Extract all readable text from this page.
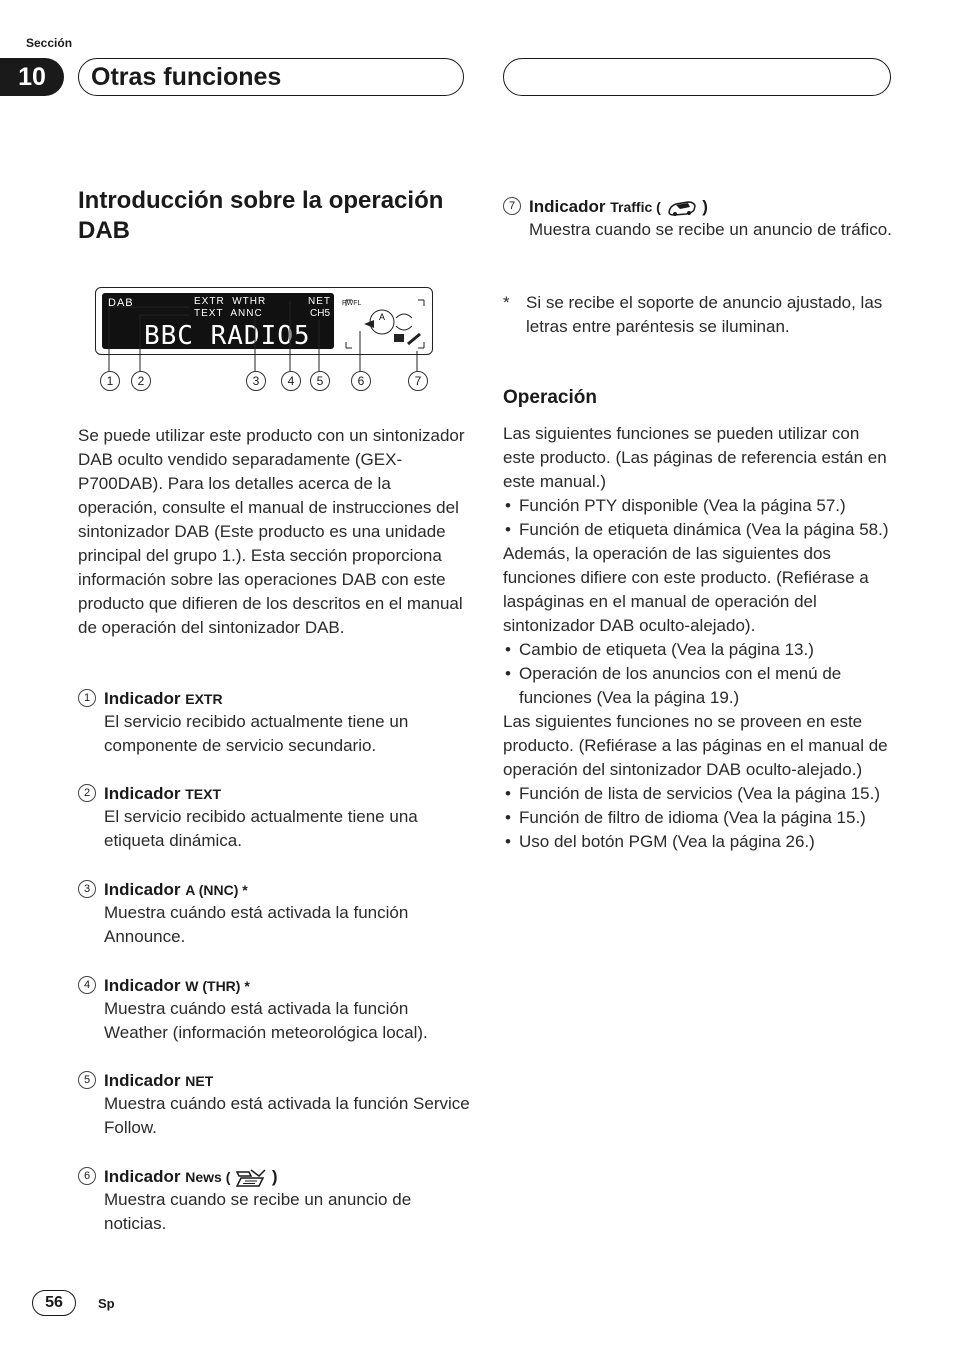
Sección
10	Otras funciones
Introducción sobre la operación DAB
DAB	EXTR  WTHR
TEXT  ANNC
NET
CH5
BBC RADIO5
PWFL
A
1	2	3	4	5	6	7
Se puede utilizar este producto con un sintonizador DAB oculto vendido separadamente (GEX-P700DAB). Para los detalles acerca de la operación, consulte el manual de instrucciones del sintonizador DAB (Este producto es una unidade principal del grupo 1.). Esta sección proporciona información sobre las operaciones DAB con este producto que difieren de los descritos en el manual de operación del sintonizador DAB.
1 Indicador EXTR
El servicio recibido actualmente tiene un componente de servicio secundario.
2 Indicador TEXT
El servicio recibido actualmente tiene una etiqueta dinámica.
3 Indicador A (NNC) *
Muestra cuándo está activada la función Announce.
4 Indicador W (THR) *
Muestra cuándo está activada la función Weather (información meteorológica local).
5 Indicador NET
Muestra cuándo está activada la función Service Follow.
6 Indicador News ( )
Muestra cuando se recibe un anuncio de noticias.
7 Indicador Traffic ( )
Muestra cuando se recibe un anuncio de tráfico.
* Si se recibe el soporte de anuncio ajustado, las letras entre paréntesis se iluminan.
Operación
Las siguientes funciones se pueden utilizar con este producto. (Las páginas de referencia están en este manual.)
• Función PTY disponible (Vea la página 57.)
• Función de etiqueta dinámica (Vea la página 58.)
Además, la operación de las siguientes dos funciones difiere con este producto. (Refiérase a laspáginas en el manual de operación del sintonizador DAB oculto-alejado).
• Cambio de etiqueta (Vea la página 13.)
• Operación de los anuncios con el menú de funciones (Vea la página 19.)
Las siguientes funciones no se proveen en este producto. (Refiérase a las páginas en el manual de operación del sintonizador DAB oculto-alejado.)
• Función de lista de servicios (Vea la página 15.)
• Función de filtro de idioma (Vea la página 15.)
• Uso del botón PGM (Vea la página 26.)
56	Sp
